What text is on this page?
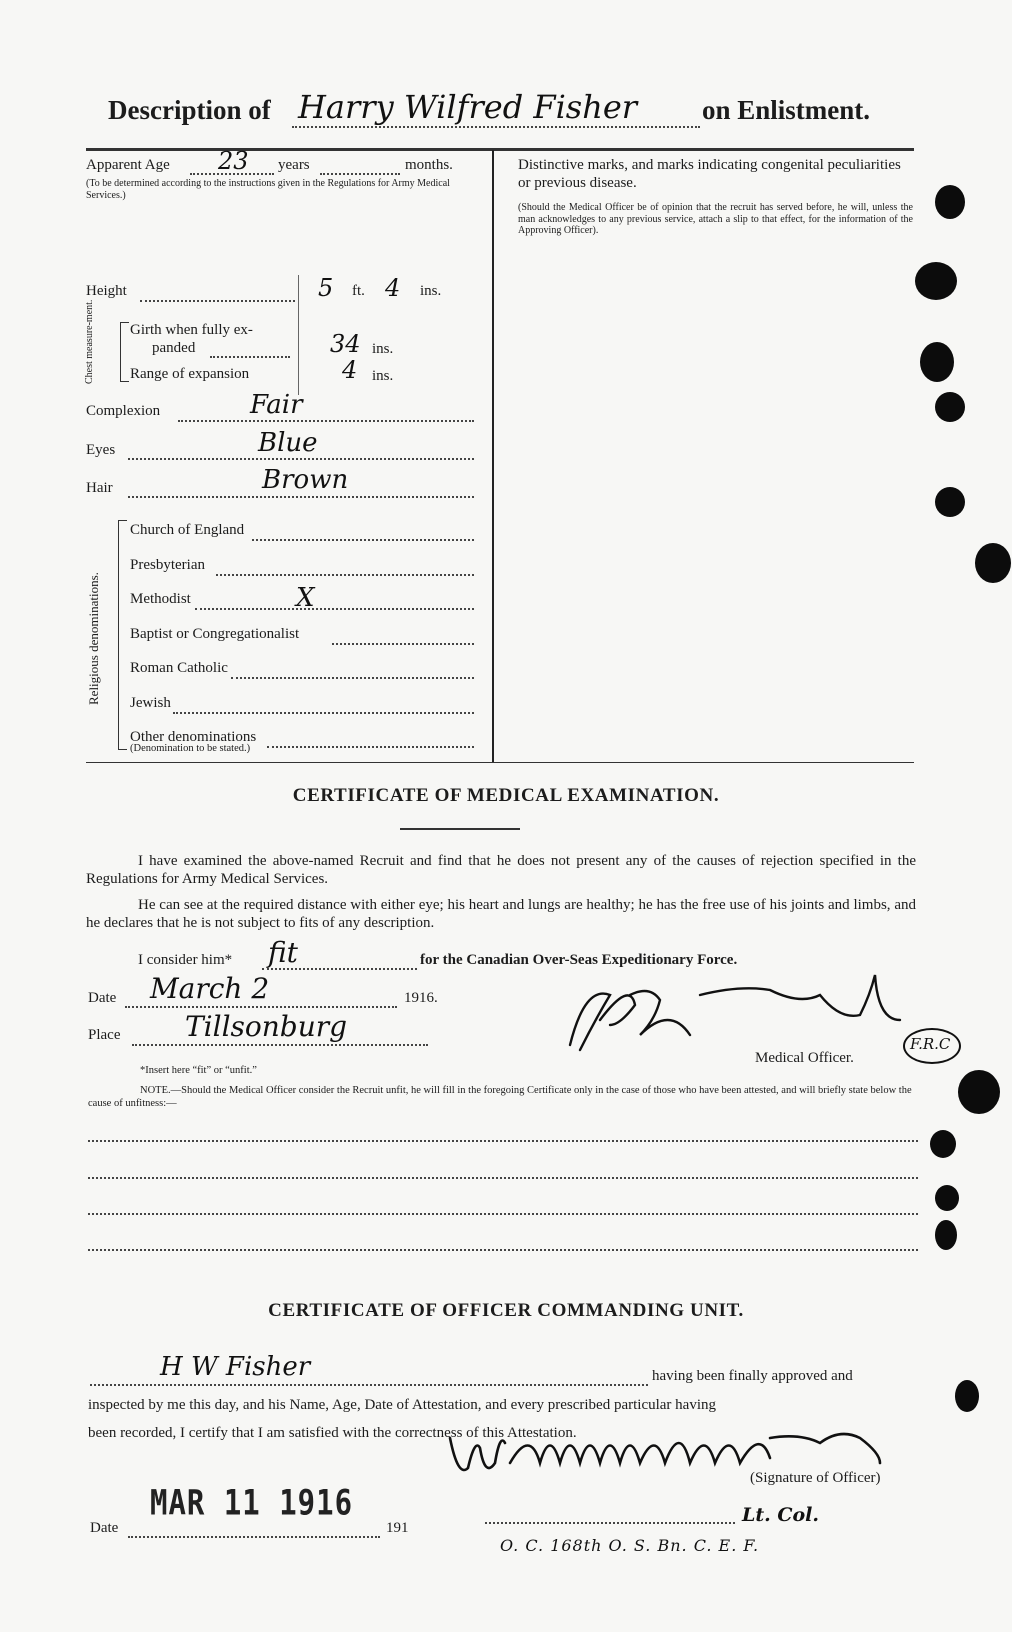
Description of Harry Wilfred Fisher on Enlistment.
Apparent Age 23 years	months.
(To be determined according to the instructions given in the Regulations for Army Medical Services.)
Height	5 ft. 4 ins.
Chest measure-ment. Girth when fully ex-
panded	34 ins.
Range of expansion	4 ins.
Complexion	Fair
Eyes	Blue
Hair	Brown
Religious denominations.
Church of England
Presbyterian
Methodist	X
Baptist or Congregationalist
Roman Catholic
Jewish
Other denominations
(Denomination to be stated.)
Distinctive marks, and marks indicating congenital peculiarities or previous disease.
(Should the Medical Officer be of opinion that the recruit has served before, he will, unless the man acknowledges to any previous service, attach a slip to that effect, for the information of the Approving Officer).
CERTIFICATE OF MEDICAL EXAMINATION.
I have examined the above-named Recruit and find that he does not present any of the causes of rejection specified in the Regulations for Army Medical Services.
He can see at the required distance with either eye; his heart and lungs are healthy; he has the free use of his joints and limbs, and he declares that he is not subject to fits of any description.
I consider him* fit	for the Canadian Over-Seas Expeditionary Force.
Date March 2	1916.
Place Tillsonburg
F.R.C
*Insert here “fit” or “unfit.”
Medical Officer.
NOTE.—Should the Medical Officer consider the Recruit unfit, he will fill in the foregoing Certificate only in the case of those who have been attested, and will briefly state below the cause of unfitness:—
CERTIFICATE OF OFFICER COMMANDING UNIT.
H W Fisher	having been finally approved and
inspected by me this day, and his Name, Age, Date of Attestation, and every prescribed particular having
been recorded, I certify that I am satisfied with the correctness of this Attestation.
(Signature of Officer)
MAR 11 1916
Date	191
Lt. Col.
O. C. 168th O. S. Bn. C. E. F.
